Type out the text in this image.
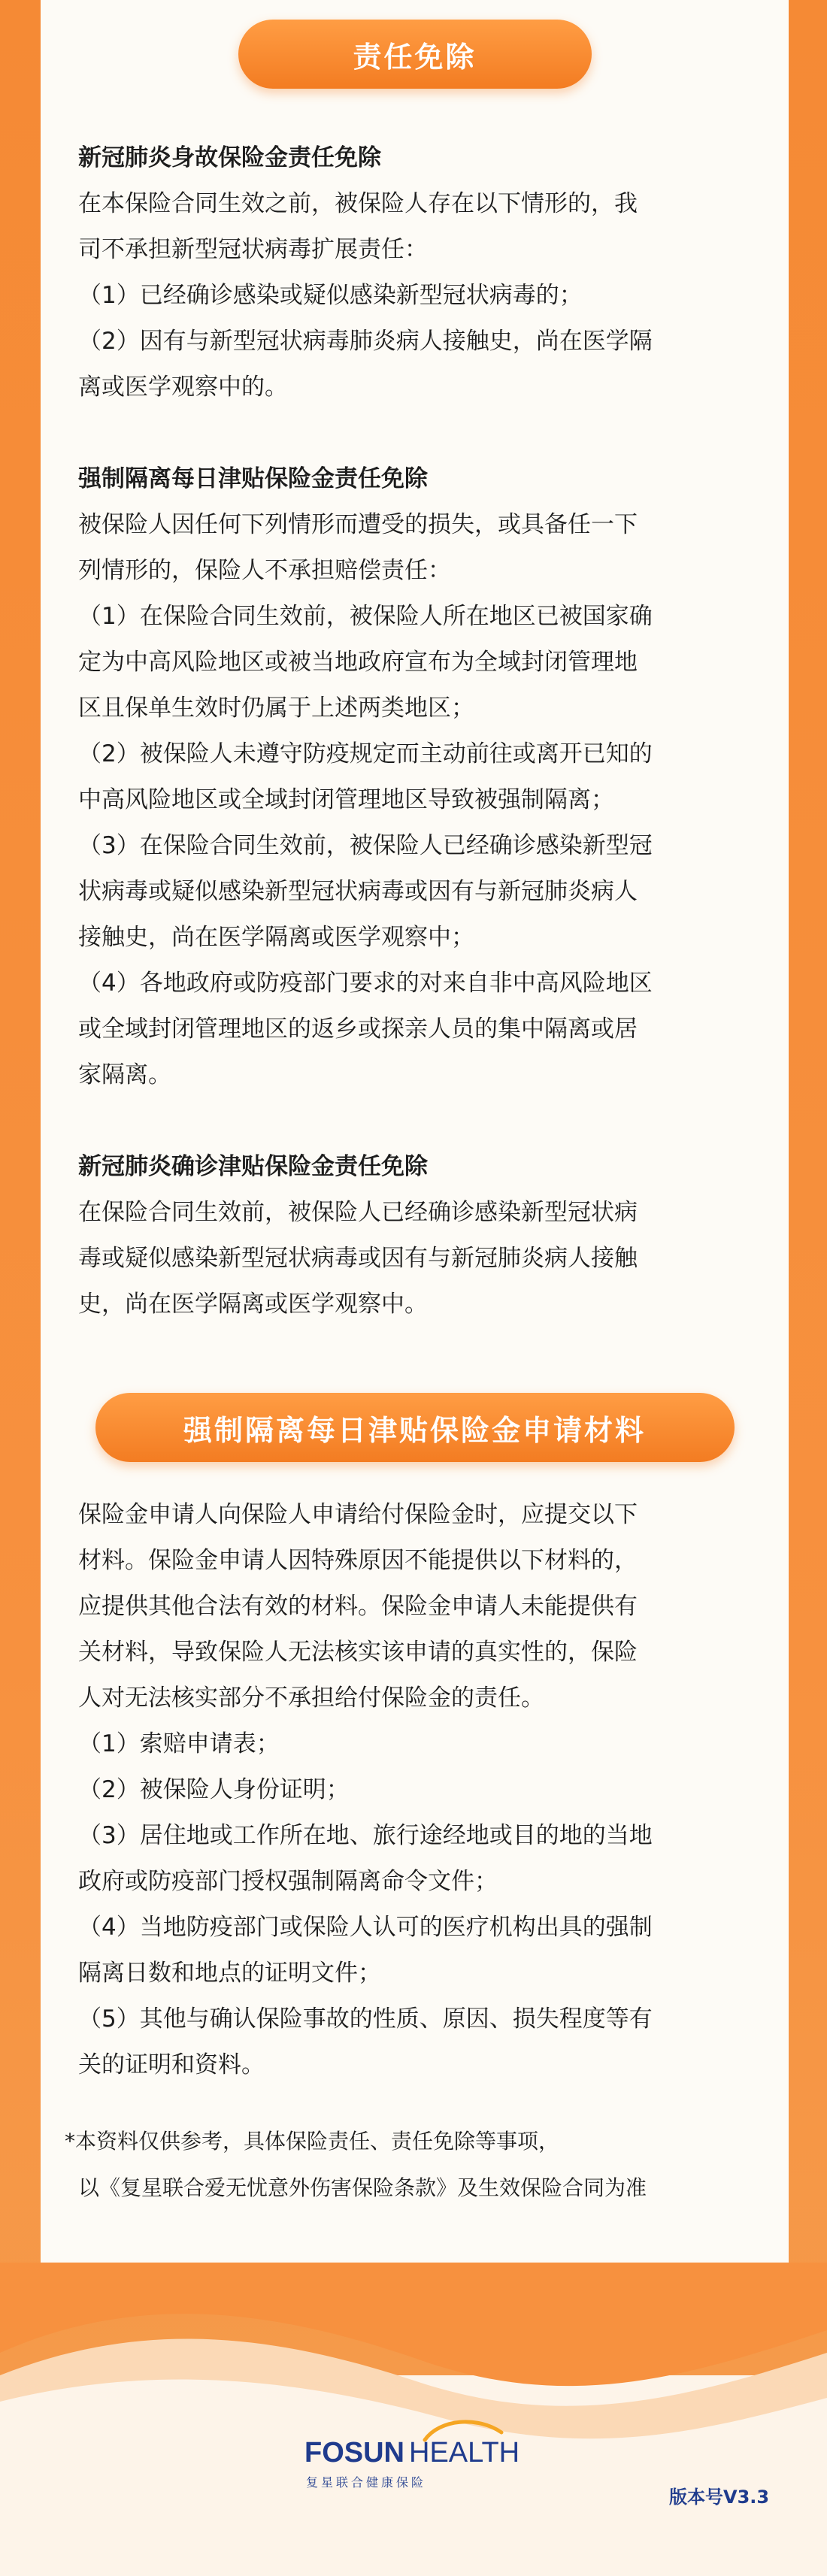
责任免除
强制隔离每日津贴保险金申请材料

新冠肺炎身故保险金责任免除

在本保险合同生效之前，被保险人存在以下情形的，我

司不承担新型冠状病毒扩展责任：

（1）已经确诊感染或疑似感染新型冠状病毒的；

（2）因有与新型冠状病毒肺炎病人接触史，尚在医学隔

离或医学观察中的。

强制隔离每日津贴保险金责任免除

被保险人因任何下列情形而遭受的损失，或具备任一下

列情形的，保险人不承担赔偿责任：

（1）在保险合同生效前，被保险人所在地区已被国家确

定为中高风险地区或被当地政府宣布为全域封闭管理地

区且保单生效时仍属于上述两类地区；

（2）被保险人未遵守防疫规定而主动前往或离开已知的

中高风险地区或全域封闭管理地区导致被强制隔离；

（3）在保险合同生效前，被保险人已经确诊感染新型冠

状病毒或疑似感染新型冠状病毒或因有与新冠肺炎病人

接触史，尚在医学隔离或医学观察中；

（4）各地政府或防疫部门要求的对来自非中高风险地区

或全域封闭管理地区的返乡或探亲人员的集中隔离或居

家隔离。

新冠肺炎确诊津贴保险金责任免除

在保险合同生效前，被保险人已经确诊感染新型冠状病

毒或疑似感染新型冠状病毒或因有与新冠肺炎病人接触

史，尚在医学隔离或医学观察中。

保险金申请人向保险人申请给付保险金时，应提交以下

材料。保险金申请人因特殊原因不能提供以下材料的，

应提供其他合法有效的材料。保险金申请人未能提供有

关材料，导致保险人无法核实该申请的真实性的，保险

人对无法核实部分不承担给付保险金的责任。

（1）索赔申请表；

（2）被保险人身份证明；

（3）居住地或工作所在地、旅行途经地或目的地的当地

政府或防疫部门授权强制隔离命令文件；

（4）当地防疫部门或保险人认可的医疗机构出具的强制

隔离日数和地点的证明文件；

（5）其他与确认保险事故的性质、原因、损失程度等有

关的证明和资料。

*本资料仅供参考，具体保险责任、责任免除等事项，

以《复星联合爱无忧意外伤害保险条款》及生效保险合同为准

FOSUN HEALTH
复星联合健康保险
版本号V3.3
